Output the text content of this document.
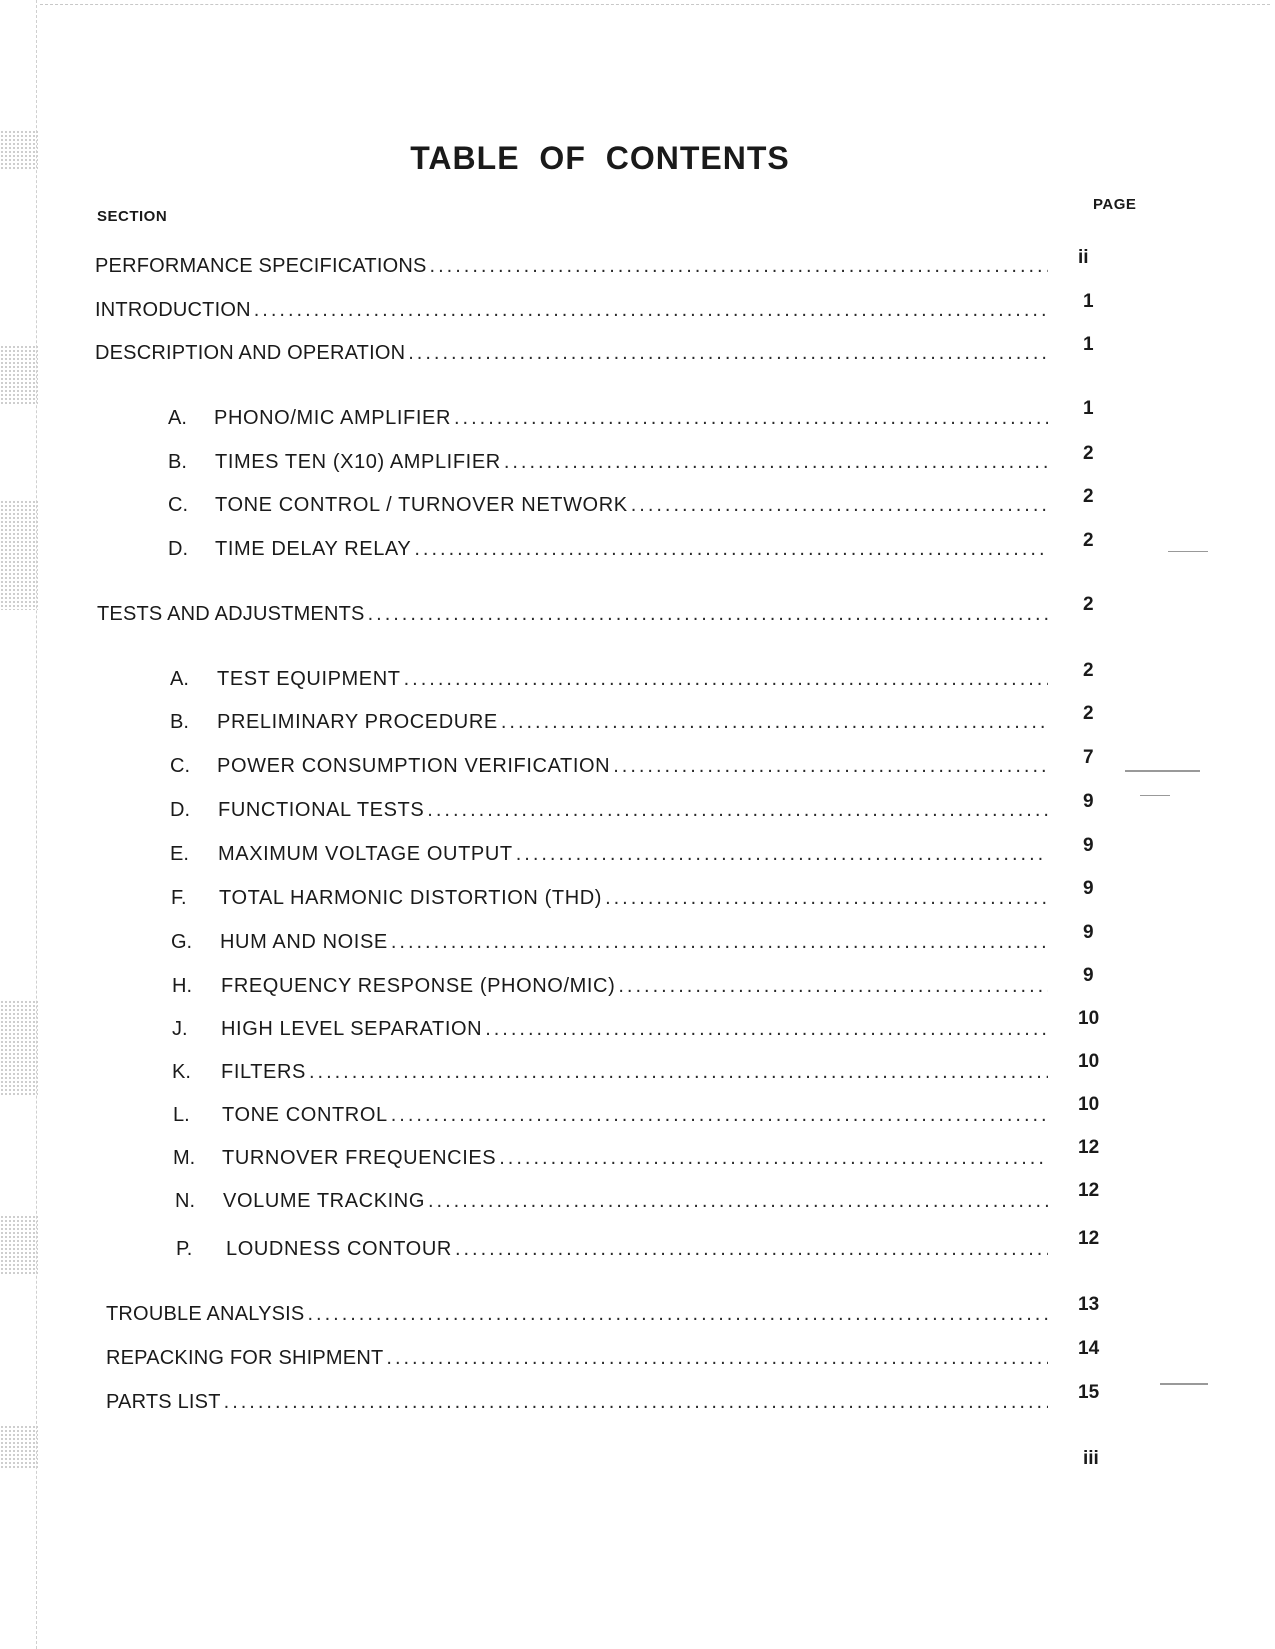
TABLE OF CONTENTS
SECTION
PAGE
PERFORMANCE SPECIFICATIONS .....	ii
INTRODUCTION .....	1
DESCRIPTION AND OPERATION .....	1
A.	PHONO/MIC AMPLIFIER .....	1
B.	TIMES TEN (X10) AMPLIFIER .....	2
C.	TONE CONTROL / TURNOVER NETWORK .....	2
D.	TIME DELAY RELAY .....	2
TESTS AND ADJUSTMENTS .....	2
A.	TEST EQUIPMENT .....	2
B.	PRELIMINARY PROCEDURE .....	2
C.	POWER CONSUMPTION VERIFICATION .....	7
D.	FUNCTIONAL TESTS .....	9
E.	MAXIMUM VOLTAGE OUTPUT .....	9
F.	TOTAL HARMONIC DISTORTION (THD) .....	9
G.	HUM AND NOISE .....	9
H.	FREQUENCY RESPONSE (PHONO/MIC) .....	9
J.	HIGH LEVEL SEPARATION .....	10
K.	FILTERS .....	10
L.	TONE CONTROL .....	10
M.	TURNOVER FREQUENCIES .....	12
N.	VOLUME TRACKING .....	12
P.	LOUDNESS CONTOUR .....	12
TROUBLE ANALYSIS .....	13
REPACKING FOR SHIPMENT .....	14
PARTS LIST .....	15
iii
